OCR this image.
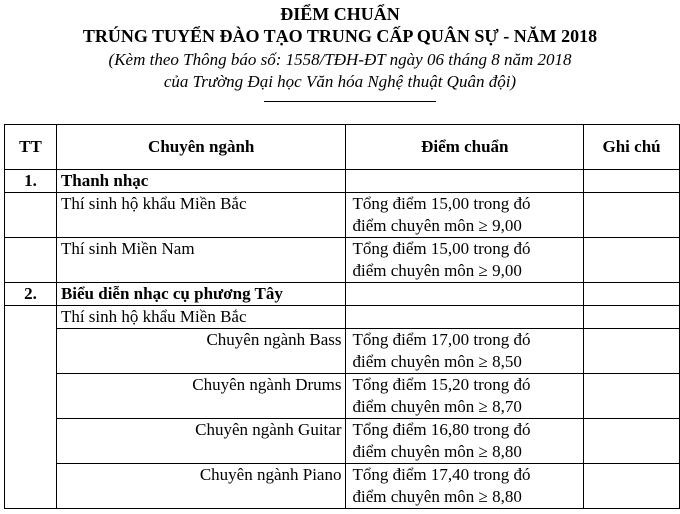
ĐIỂM CHUẨN
TRÚNG TUYỂN ĐÀO TẠO TRUNG CẤP QUÂN SỰ - NĂM 2018
(Kèm theo Thông báo số: 1558/TĐH-ĐT ngày 06 tháng 8 năm 2018
của Trường Đại học Văn hóa Nghệ thuật Quân đội)
TT	Chuyên ngành	Điểm chuẩn	Ghi chú
1.	Thanh nhạc		
	Thí sinh hộ khẩu Miền Bắc	Tổng điểm 15,00 trong đó
điểm chuyên môn ≥ 9,00	

	Thí sinh Miền Nam	Tổng điểm 15,00 trong đó
điểm chuyên môn ≥ 9,00	

2.	Biểu diễn nhạc cụ phương Tây		
	Thí sinh hộ khẩu Miền Bắc		
	Chuyên ngành Bass	Tổng điểm 17,00 trong đó
điểm chuyên môn ≥ 8,50	

	Chuyên ngành Drums	Tổng điểm 15,20 trong đó
điểm chuyên môn ≥ 8,70	

	Chuyên ngành Guitar	Tổng điểm 16,80 trong đó
điểm chuyên môn ≥ 8,80	

	Chuyên ngành Piano	Tổng điểm 17,40 trong đó
điểm chuyên môn ≥ 8,80	
